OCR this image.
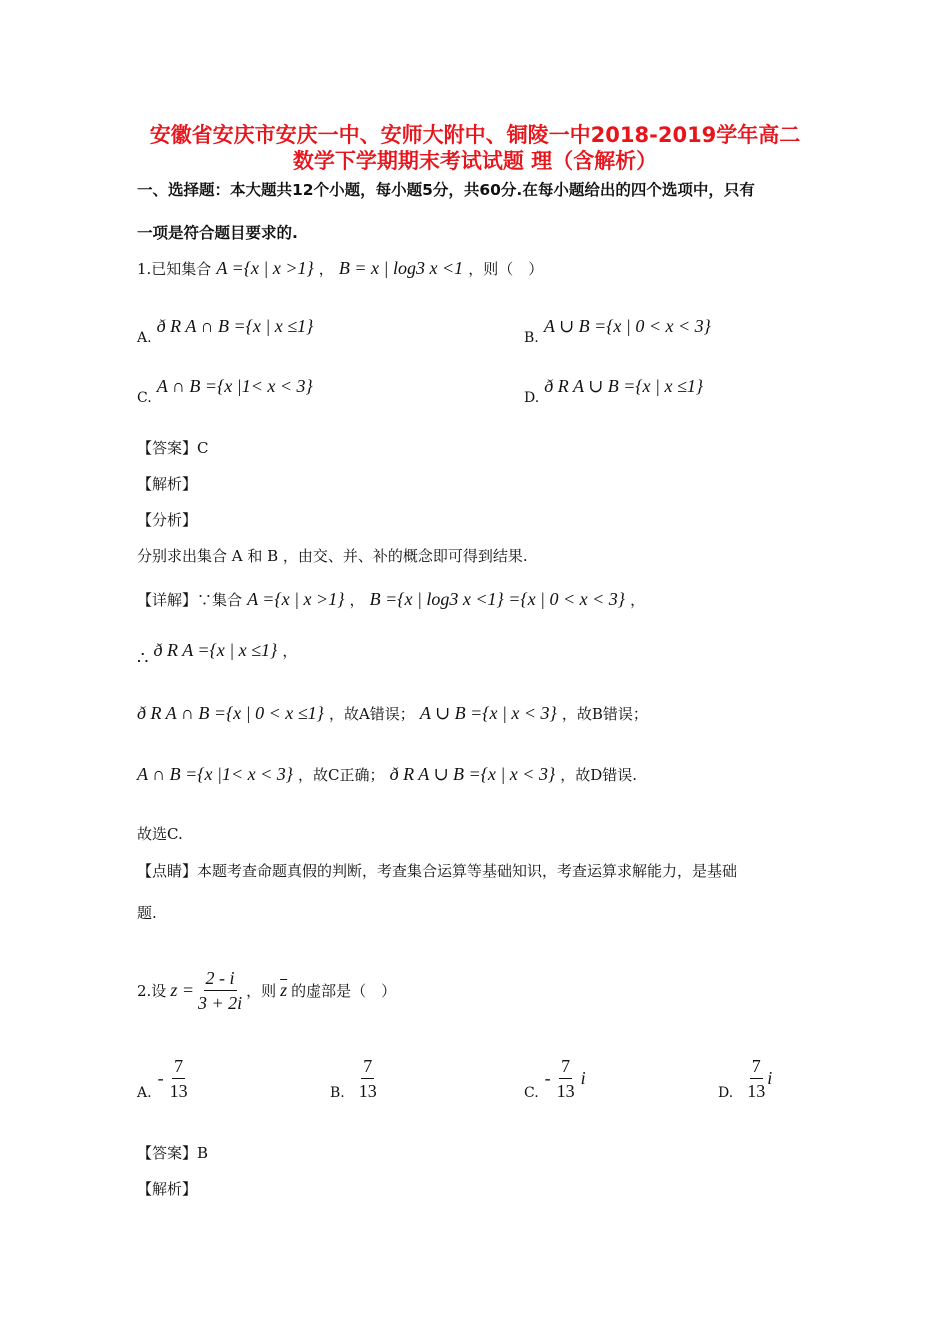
安徽省安庆市安庆一中、安师大附中、铜陵一中2018-2019学年高二
数学下学期期末考试试题 理（含解析）
一、选择题：本大题共12个小题，每小题5分，共60分.在每小题给出的四个选项中，只有
一项是符合题目要求的.
1.已知集合 A ={x | x >1} ， B = x | log3 x <1 ，则（　）
A. ð R A ∩ B ={x | x ≤1}
B. A ∪ B ={x | 0 < x < 3}
C. A ∩ B ={x |1< x < 3}
D. ð R A ∪ B ={x | x ≤1}
【答案】C
【解析】
【分析】
分别求出集合 A 和 B ，由交、并、补的概念即可得到结果.
【详解】∵集合 A ={x | x >1} ， B ={x | log3 x <1} ={x | 0 < x < 3} ，
∴ ð R A ={x | x ≤1} ，
ð R A ∩ B ={x | 0 < x ≤1} ，故A错误； A ∪ B ={x | x < 3} ，故B错误；
A ∩ B ={x |1< x < 3} ，故C正确； ð R A ∪ B ={x | x < 3} ，故D错误.
故选C.
【点睛】本题考查命题真假的判断，考查集合运算等基础知识，考查运算求解能力，是基础
题.
2.设 $z = \frac{2 - i}{3 + 2i}$ ，则 $\overline{z}$ 的虚部是（　）
A.
- $\frac{7}{13}$	B. $\frac{7}{13}$	C.
- $\frac{7}{13}$ i
D. $\frac{7}{13}$ i
【答案】B
【解析】
